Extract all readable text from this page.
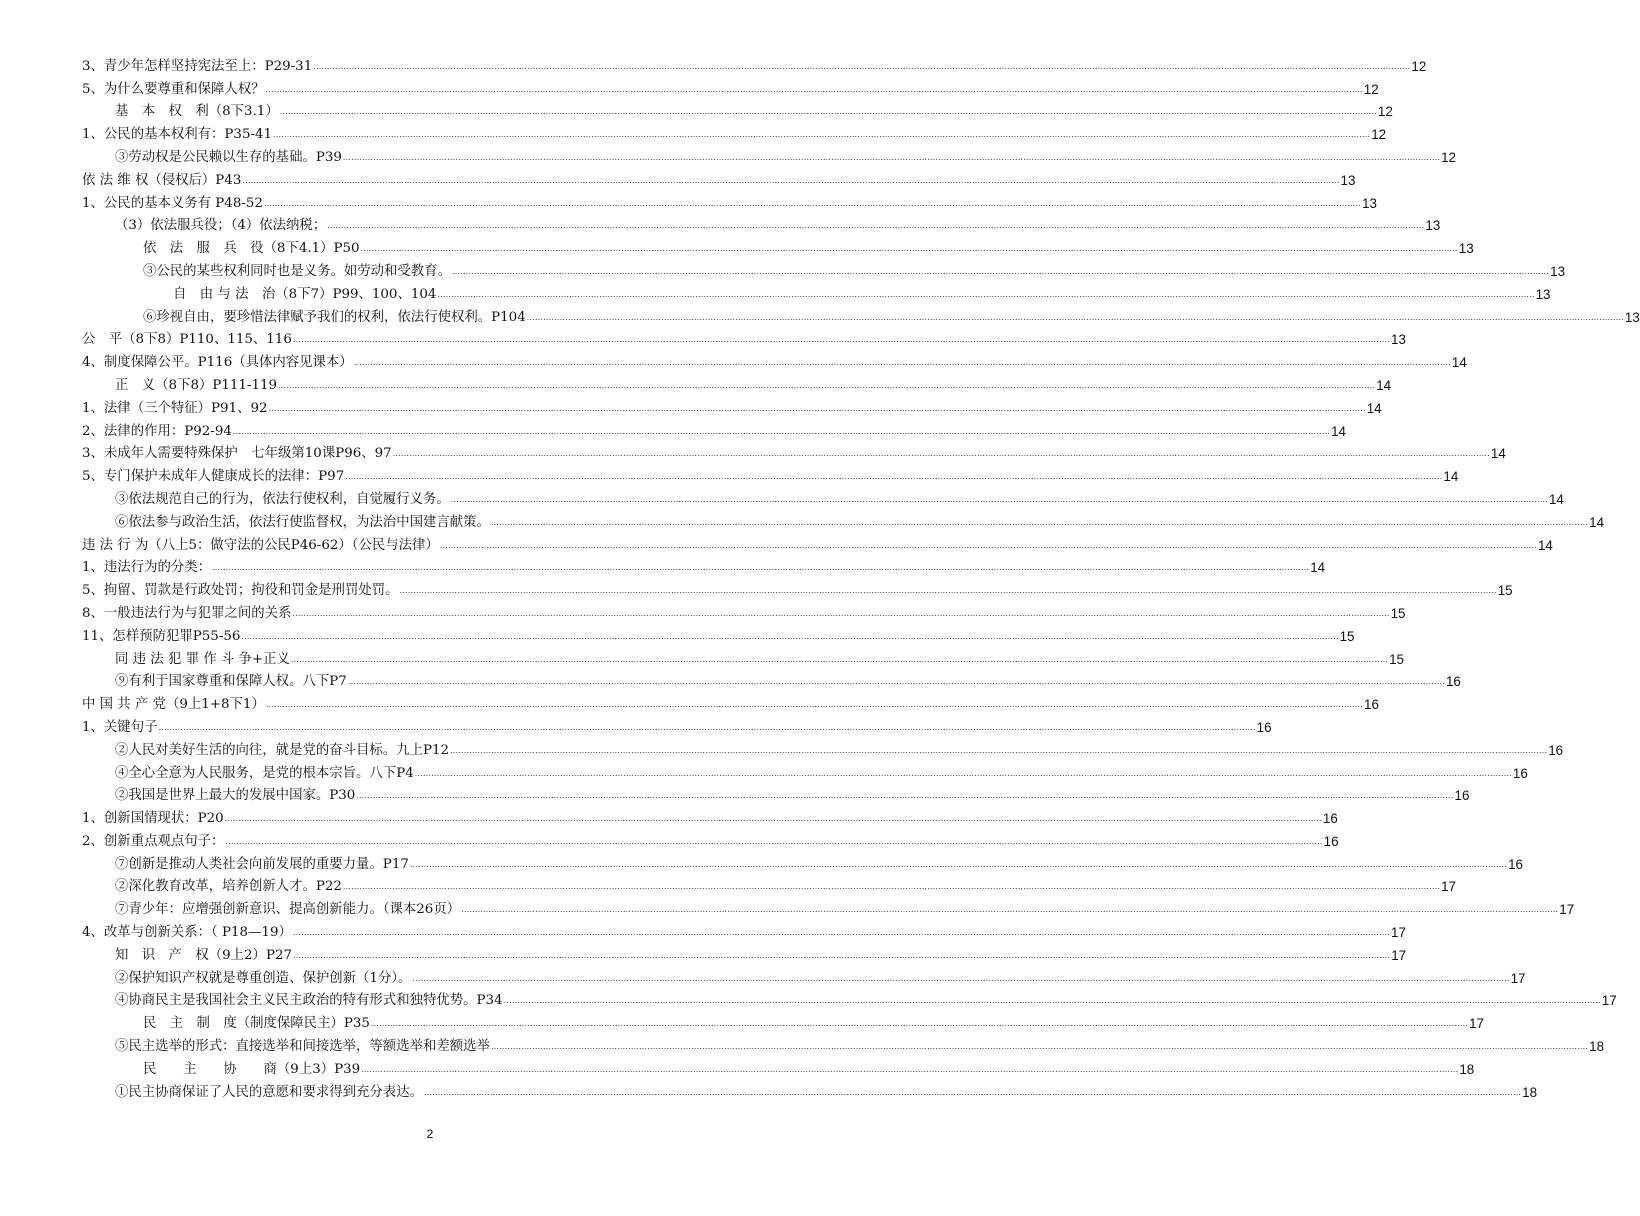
3、青少年怎样坚持宪法至上：P29-31 ................................................................................................................................................................................................................................................................................................................................................................................................................ 12
5、为什么要尊重和保障人权？ ................................................................................................................................................................................................................................................................................................................................................................................................................ 12
基　本　权　利（8下3.1） ................................................................................................................................................................................................................................................................................................................................................................................................................ 12
1、公民的基本权利有：P35-41 ................................................................................................................................................................................................................................................................................................................................................................................................................ 12
③劳动权是公民赖以生存的基础。P39 ................................................................................................................................................................................................................................................................................................................................................................................................................ 12
依 法 维 权（侵权后）P43 ................................................................................................................................................................................................................................................................................................................................................................................................................ 13
1、公民的基本义务有 P48-52 ................................................................................................................................................................................................................................................................................................................................................................................................................ 13
（3）依法服兵役；（4）依法纳税； ................................................................................................................................................................................................................................................................................................................................................................................................................ 13
依　法　服　兵　役（8下4.1）P50 ................................................................................................................................................................................................................................................................................................................................................................................................................ 13
③公民的某些权利同时也是义务。如劳动和受教育。 ................................................................................................................................................................................................................................................................................................................................................................................................................ 13
自　由 与 法　治（8下7）P99、100、104 ................................................................................................................................................................................................................................................................................................................................................................................................................ 13
⑥珍视自由，要珍惜法律赋予我们的权利，依法行使权利。P104 ................................................................................................................................................................................................................................................................................................................................................................................................................ 13
公　平（8下8）P110、115、116 ................................................................................................................................................................................................................................................................................................................................................................................................................ 13
4、制度保障公平。P116（具体内容见课本） ................................................................................................................................................................................................................................................................................................................................................................................................................ 14
正　义（8下8）P111-119 ................................................................................................................................................................................................................................................................................................................................................................................................................ 14
1、法律（三个特征）P91、92 ................................................................................................................................................................................................................................................................................................................................................................................................................ 14
2、法律的作用：P92-94 ................................................................................................................................................................................................................................................................................................................................................................................................................ 14
3、未成年人需要特殊保护　七年级第10课P96、97 ................................................................................................................................................................................................................................................................................................................................................................................................................ 14
5、专门保护未成年人健康成长的法律：P97 ................................................................................................................................................................................................................................................................................................................................................................................................................ 14
③依法规范自己的行为，依法行使权利，自觉履行义务。 ................................................................................................................................................................................................................................................................................................................................................................................................................ 14
⑥依法参与政治生活，依法行使监督权，为法治中国建言献策。 ................................................................................................................................................................................................................................................................................................................................................................................................................ 14
违 法 行 为（八上5：做守法的公民P46-62）（公民与法律） ................................................................................................................................................................................................................................................................................................................................................................................................................ 14
1、违法行为的分类： ................................................................................................................................................................................................................................................................................................................................................................................................................ 14
5、拘留、罚款是行政处罚；拘役和罚金是刑罚处罚。 ................................................................................................................................................................................................................................................................................................................................................................................................................ 15
8、一般违法行为与犯罪之间的关系 ................................................................................................................................................................................................................................................................................................................................................................................................................ 15
11、怎样预防犯罪P55-56 ................................................................................................................................................................................................................................................................................................................................................................................................................ 15
同 违 法 犯 罪 作 斗 争+正义 ................................................................................................................................................................................................................................................................................................................................................................................................................ 15
⑨有利于国家尊重和保障人权。八下P7 ................................................................................................................................................................................................................................................................................................................................................................................................................ 16
中 国 共 产 党（9上1+8下1） ................................................................................................................................................................................................................................................................................................................................................................................................................ 16
1、关键句子 ................................................................................................................................................................................................................................................................................................................................................................................................................ 16
②人民对美好生活的向往，就是党的奋斗目标。九上P12 ................................................................................................................................................................................................................................................................................................................................................................................................................ 16
④全心全意为人民服务，是党的根本宗旨。八下P4 ................................................................................................................................................................................................................................................................................................................................................................................................................ 16
②我国是世界上最大的发展中国家。P30 ................................................................................................................................................................................................................................................................................................................................................................................................................ 16
1、创新国情现状：P20 ................................................................................................................................................................................................................................................................................................................................................................................................................ 16
2、创新重点观点句子： ................................................................................................................................................................................................................................................................................................................................................................................................................ 16
⑦创新是推动人类社会向前发展的重要力量。P17 ................................................................................................................................................................................................................................................................................................................................................................................................................ 16
②深化教育改革，培养创新人才。P22 ................................................................................................................................................................................................................................................................................................................................................................................................................ 17
⑦青少年：应增强创新意识、提高创新能力。（课本26页） ................................................................................................................................................................................................................................................................................................................................................................................................................ 17
4、改革与创新关系：（ P18—19） ................................................................................................................................................................................................................................................................................................................................................................................................................ 17
知　识　产　权（9上2）P27 ................................................................................................................................................................................................................................................................................................................................................................................................................ 17
②保护知识产权就是尊重创造、保护创新（1分）。 ................................................................................................................................................................................................................................................................................................................................................................................................................ 17
④协商民主是我国社会主义民主政治的特有形式和独特优势。P34 ................................................................................................................................................................................................................................................................................................................................................................................................................ 17
民　主　制　度（制度保障民主）P35 ................................................................................................................................................................................................................................................................................................................................................................................................................ 17
⑤民主选举的形式：直接选举和间接选举，等额选举和差额选举 ................................................................................................................................................................................................................................................................................................................................................................................................................ 18
民　　主　　协　　商（9上3）P39 ................................................................................................................................................................................................................................................................................................................................................................................................................ 18
①民主协商保证了人民的意愿和要求得到充分表达。 ................................................................................................................................................................................................................................................................................................................................................................................................................ 18
2
